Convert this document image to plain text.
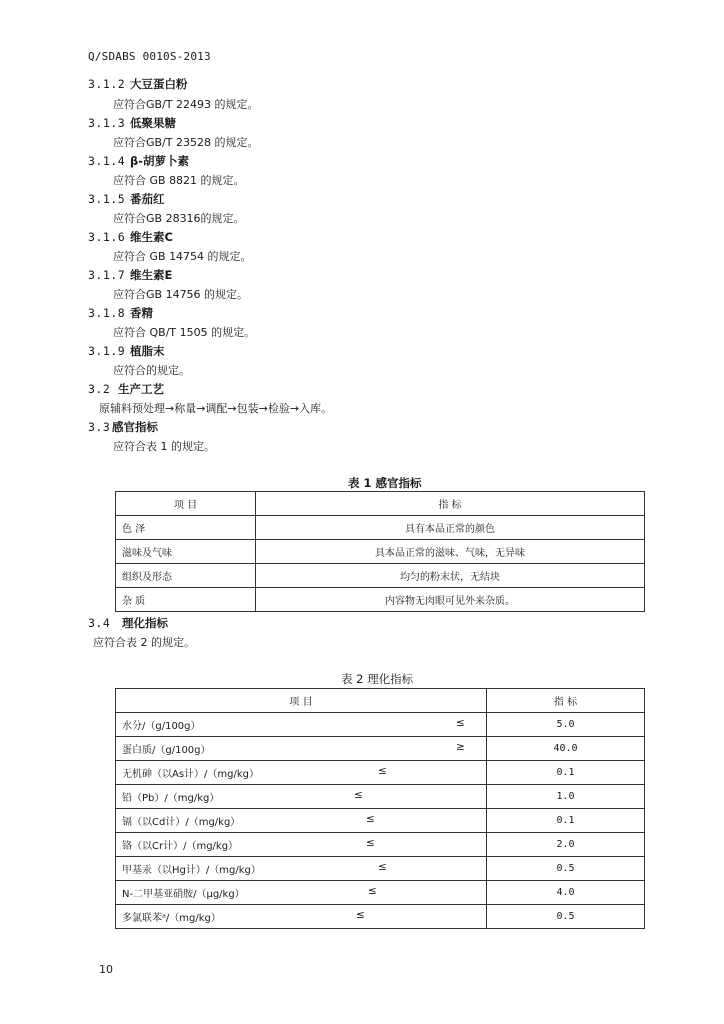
Q/SDABS 0010S-2013
3.1.2 大豆蛋白粉
应符合GB/T 22493 的规定。
3.1.3 低聚果糖
应符合GB/T 23528 的规定。
3.1.4 β-胡萝卜素
应符合 GB 8821 的规定。
3.1.5 番茄红
应符合GB 28316的规定。
3.1.6 维生素C
应符合 GB 14754 的规定。
3.1.7 维生素E
应符合GB 14756 的规定。
3.1.8 香精
应符合 QB/T 1505 的规定。
3.1.9 植脂末
应符合的规定。
3.2 生产工艺
原辅料预处理→称量→调配→包装→检验→入库。
3.3 感官指标
应符合表 1 的规定。
表 1 感官指标
项 目	指 标
色 泽	具有本品正常的颜色
滋味及气味	具本品正常的滋味、气味，无异味
组织及形态	均匀的粉末状，无结块
杂 质	内容物无肉眼可见外来杂质。
3.4 理化指标
应符合表 2 的规定。
表 2 理化指标
项 目	指 标
水分/（g/100g） ≤	5.0
蛋白质/（g/100g） ≥	40.0
无机砷（以As计）/（mg/kg） ≤	0.1
铅（Pb）/（mg/kg） ≤	1.0
镉（以Cd计）/（mg/kg） ≤	0.1
铬（以Cr计）/（mg/kg） ≤	2.0
甲基汞（以Hg计）/（mg/kg） ≤	0.5
N-二甲基亚硝胺/（μg/kg） ≤	4.0
多氯联苯ᵃ/（mg/kg） ≤	0.5
10
